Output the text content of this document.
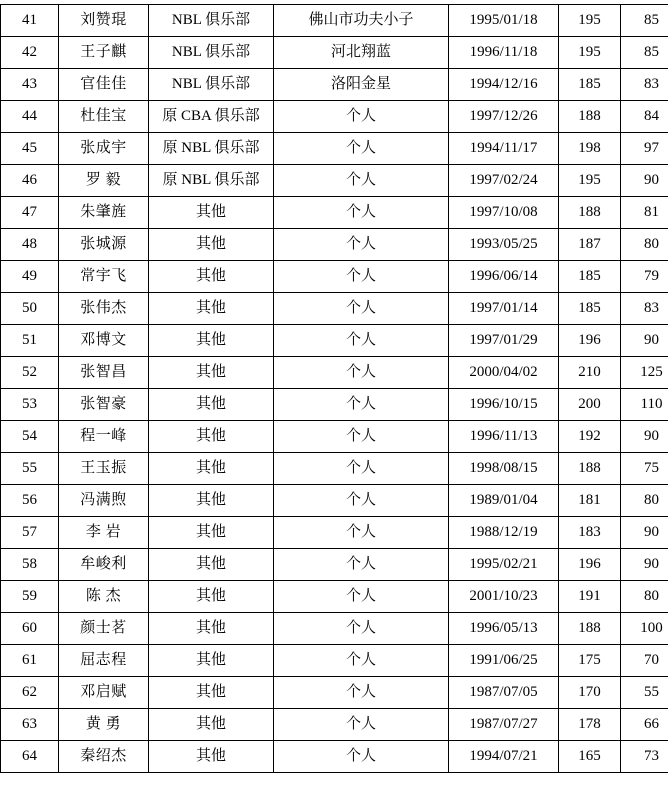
41	刘赞琨	NBL 俱乐部	佛山市功夫小子	1995/01/18	195	85
42	王子麒	NBL 俱乐部	河北翔蓝	1996/11/18	195	85
43	官佳佳	NBL 俱乐部	洛阳金星	1994/12/16	185	83
44	杜佳宝	原 CBA 俱乐部	个人	1997/12/26	188	84
45	张成宇	原 NBL 俱乐部	个人	1994/11/17	198	97
46	罗 毅	原 NBL 俱乐部	个人	1997/02/24	195	90
47	朱肇旌	其他	个人	1997/10/08	188	81
48	张城源	其他	个人	1993/05/25	187	80
49	常宇飞	其他	个人	1996/06/14	185	79
50	张伟杰	其他	个人	1997/01/14	185	83
51	邓博文	其他	个人	1997/01/29	196	90
52	张智昌	其他	个人	2000/04/02	210	125
53	张智豪	其他	个人	1996/10/15	200	110
54	程一峰	其他	个人	1996/11/13	192	90
55	王玉振	其他	个人	1998/08/15	188	75
56	冯满煦	其他	个人	1989/01/04	181	80
57	李 岩	其他	个人	1988/12/19	183	90
58	牟峻利	其他	个人	1995/02/21	196	90
59	陈 杰	其他	个人	2001/10/23	191	80
60	颜士茗	其他	个人	1996/05/13	188	100
61	屈志程	其他	个人	1991/06/25	175	70
62	邓启赋	其他	个人	1987/07/05	170	55
63	黄 勇	其他	个人	1987/07/27	178	66
64	秦绍杰	其他	个人	1994/07/21	165	73
